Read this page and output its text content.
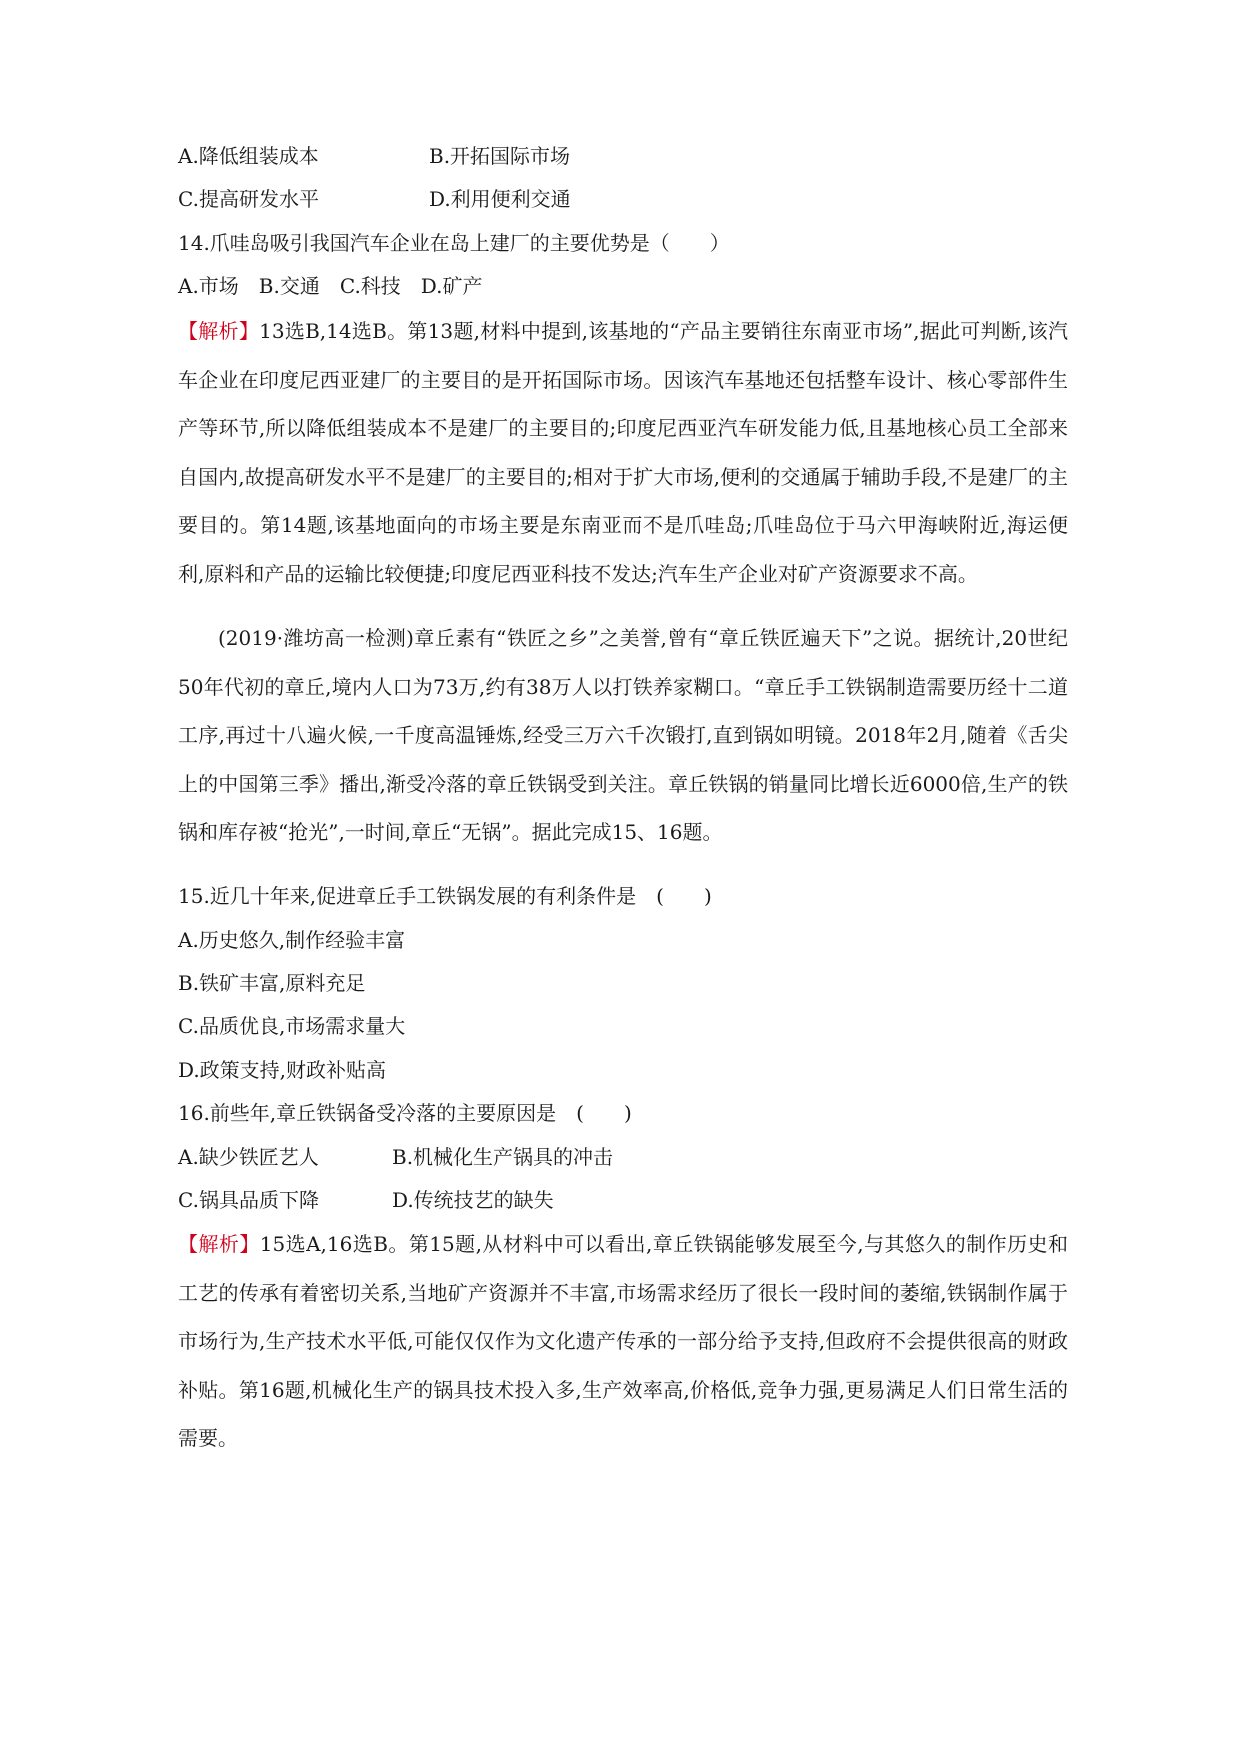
A.降低组装成本	B.开拓国际市场
C.提高研发水平	D.利用便利交通
14.爪哇岛吸引我国汽车企业在岛上建厂的主要优势是（　　）
A.市场　B.交通　C.科技　D.矿产
【解析】13选B,14选B。第13题,材料中提到,该基地的“产品主要销往东南亚市场”,据此可判断,该汽车企业在印度尼西亚建厂的主要目的是开拓国际市场。因该汽车基地还包括整车设计、核心零部件生产等环节,所以降低组装成本不是建厂的主要目的;印度尼西亚汽车研发能力低,且基地核心员工全部来自国内,故提高研发水平不是建厂的主要目的;相对于扩大市场,便利的交通属于辅助手段,不是建厂的主要目的。第14题,该基地面向的市场主要是东南亚而不是爪哇岛;爪哇岛位于马六甲海峡附近,海运便利,原料和产品的运输比较便捷;印度尼西亚科技不发达;汽车生产企业对矿产资源要求不高。
(2019·潍坊高一检测)章丘素有“铁匠之乡”之美誉,曾有“章丘铁匠遍天下”之说。据统计,20世纪50年代初的章丘,境内人口为73万,约有38万人以打铁养家糊口。“章丘手工铁锅制造需要历经十二道工序,再过十八遍火候,一千度高温锤炼,经受三万六千次锻打,直到锅如明镜。2018年2月,随着《舌尖上的中国第三季》播出,渐受冷落的章丘铁锅受到关注。章丘铁锅的销量同比增长近6000倍,生产的铁锅和库存被“抢光”,一时间,章丘“无锅”。据此完成15、16题。
15.近几十年来,促进章丘手工铁锅发展的有利条件是　(　　)
A.历史悠久,制作经验丰富
B.铁矿丰富,原料充足
C.品质优良,市场需求量大
D.政策支持,财政补贴高
16.前些年,章丘铁锅备受冷落的主要原因是　(　　)
A.缺少铁匠艺人	B.机械化生产锅具的冲击
C.锅具品质下降	D.传统技艺的缺失
【解析】15选A,16选B。第15题,从材料中可以看出,章丘铁锅能够发展至今,与其悠久的制作历史和工艺的传承有着密切关系,当地矿产资源并不丰富,市场需求经历了很长一段时间的萎缩,铁锅制作属于市场行为,生产技术水平低,可能仅仅作为文化遗产传承的一部分给予支持,但政府不会提供很高的财政补贴。第16题,机械化生产的锅具技术投入多,生产效率高,价格低,竞争力强,更易满足人们日常生活的需要。
